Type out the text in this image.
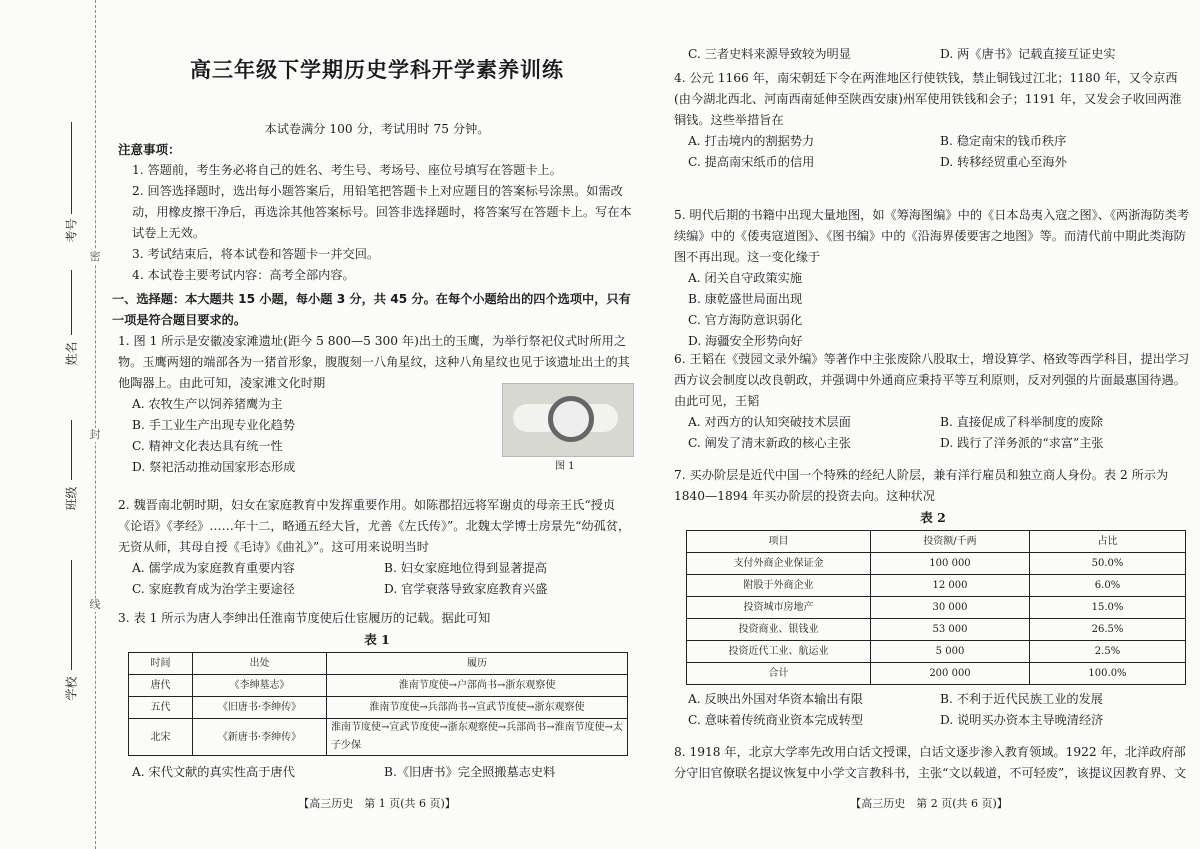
密
封
线
考号
姓名
班级
学校
高三年级下学期历史学科开学素养训练
本试卷满分 100 分，考试用时 75 分钟。
注意事项：

1. 答题前，考生务必将自己的姓名、考生号、考场号、座位号填写在答题卡上。

2. 回答选择题时，选出每小题答案后，用铅笔把答题卡上对应题目的答案标号涂黑。如需改动，用橡皮擦干净后，再选涂其他答案标号。回答非选择题时，将答案写在答题卡上。写在本试卷上无效。

3. 考试结束后，将本试卷和答题卡一并交回。

4. 本试卷主要考试内容：高考全部内容。

一、选择题：本大题共 15 小题，每小题 3 分，共 45 分。在每个小题给出的四个选项中，只有一项是符合题目要求的。

1. 图 1 所示是安徽凌家滩遗址(距今 5 800—5 300 年)出土的玉鹰，为举行祭祀仪式时所用之物。玉鹰两翅的端部各为一猪首形象，腹腹刻一八角星纹，这种八角星纹也见于该遗址出土的其他陶器上。由此可知，凌家滩文化时期

A. 农牧生产以饲养猪鹰为主

B. 手工业生产出现专业化趋势

C. 精神文化表达具有统一性

D. 祭祀活动推动国家形态形成	图 1

2. 魏晋南北朝时期，妇女在家庭教育中发挥重要作用。如陈郡招远将军谢贞的母亲王氏“授贞《论语》《孝经》……年十二，略通五经大旨，尤善《左氏传》”。北魏太学博士房景先“幼孤贫，无资从师，其母自授《毛诗》《曲礼》”。这可用来说明当时

A. 儒学成为家庭教育重要内容	B. 妇女家庭地位得到显著提高
C. 家庭教育成为治学主要途径	D. 官学衰落导致家庭教育兴盛

3. 表 1 所示为唐人李绅出任淮南节度使后仕宦履历的记载。据此可知

表 1
时间	出处	履历
唐代	《李绅墓志》	淮南节度使→户部尚书→浙东观察使
五代	《旧唐书·李绅传》	淮南节度使→兵部尚书→宣武节度使→浙东观察使
北宋	《新唐书·李绅传》	淮南节度使→宣武节度使→浙东观察使→兵部尚书→淮南节度使→太子少保
A. 宋代文献的真实性高于唐代	B.《旧唐书》完全照搬墓志史料
【高三历史　第 1 页(共 6 页)】
C. 三者史料来源导致较为明显	D. 两《唐书》记载直接互证史实

4. 公元 1166 年，南宋朝廷下令在两淮地区行使铁钱，禁止铜钱过江北；1180 年，又令京西(由今湖北西北、河南西南延伸至陕西安康)州军使用铁钱和会子；1191 年，又发会子收回两淮铜钱。这些举措旨在

A. 打击境内的割据势力	B. 稳定南宋的钱币秩序
C. 提高南宋纸币的信用	D. 转移经贸重心至海外

5. 明代后期的书籍中出现大量地图，如《筹海图编》中的《日本岛夷入寇之图》、《两浙海防类考续编》中的《倭夷寇道图》、《图书编》中的《沿海界倭要害之地图》等。而清代前中期此类海防图不再出现。这一变化缘于

A. 闭关自守政策实施

B. 康乾盛世局面出现

C. 官方海防意识弱化

D. 海疆安全形势向好

6. 王韬在《弢园文录外编》等著作中主张废除八股取士，增设算学、格致等西学科目，提出学习西方议会制度以改良朝政，并强调中外通商应秉持平等互利原则，反对列强的片面最惠国待遇。由此可见，王韬

A. 对西方的认知突破技术层面	B. 直接促成了科举制度的废除
C. 阐发了清末新政的核心主张	D. 践行了洋务派的“求富”主张

7. 买办阶层是近代中国一个特殊的经纪人阶层，兼有洋行雇员和独立商人身份。表 2 所示为 1840—1894 年买办阶层的投资去向。这种状况

表 2
项目	投资额/千两	占比
支付外商企业保证金	100 000	50.0%
附股于外商企业	12 000	6.0%
投资城市房地产	30 000	15.0%
投资商业、银钱业	53 000	26.5%
投资近代工业、航运业	5 000	2.5%
合计	200 000	100.0%
A. 反映出外国对华资本输出有限	B. 不利于近代民族工业的发展
C. 意味着传统商业资本完成转型	D. 说明买办资本主导晚清经济

8. 1918 年，北京大学率先改用白话文授课，白话文逐步渗入教育领域。1922 年，北洋政府部分守旧官僚联名提议恢复中小学文言教科书，主张“文以载道，不可轻废”，该提议因教育界、文

【高三历史　第 2 页(共 6 页)】
